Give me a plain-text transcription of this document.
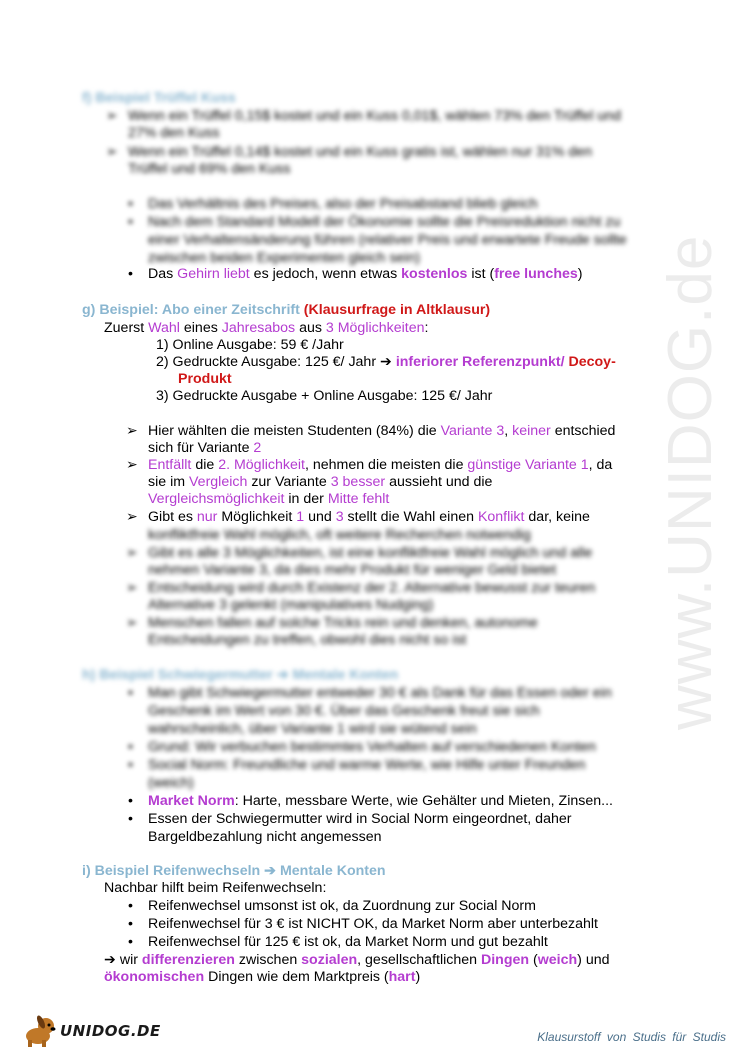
www.UNIDOG.de
f) Beispiel Trüffel Kuss
➢ Wenn ein Trüffel 0,15$ kostet und ein Kuss 0,01$, wählen 73% den Trüffel und
27% den Kuss
➢ Wenn ein Trüffel 0,14$ kostet und ein Kuss gratis ist, wählen nur 31% den
Trüffel und 69% den Kuss
• Das Verhältnis des Preises, also der Preisabstand blieb gleich
• Nach dem Standard Modell der Ökonomie sollte die Preisreduktion nicht zu
einer Verhaltensänderung führen (relativer Preis und erwartete Freude sollte
zwischen beiden Experimenten gleich sein)
• Das Gehirn liebt es jedoch, wenn etwas kostenlos ist (free lunches)
g) Beispiel: Abo einer Zeitschrift (Klausurfrage in Altklausur)
Zuerst Wahl eines Jahresabos aus 3 Möglichkeiten:
1) Online Ausgabe: 59 € /Jahr
2) Gedruckte Ausgabe: 125 €/ Jahr ➔ inferiorer Referenzpunkt/ Decoy-
Produkt
3) Gedruckte Ausgabe + Online Ausgabe: 125 €/ Jahr
➢ Hier wählten die meisten Studenten (84%) die Variante 3, keiner entschied
sich für Variante 2
➢ Entfällt die 2. Möglichkeit, nehmen die meisten die günstige Variante 1, da
sie im Vergleich zur Variante 3 besser aussieht und die
Vergleichsmöglichkeit in der Mitte fehlt
➢ Gibt es nur Möglichkeit 1 und 3 stellt die Wahl einen Konflikt dar, keine
konfliktfreie Wahl möglich, oft weitere Recherchen notwendig
➢ Gibt es alle 3 Möglichkeiten, ist eine konfliktfreie Wahl möglich und alle
nehmen Variante 3, da dies mehr Produkt für weniger Geld bietet
➢ Entscheidung wird durch Existenz der 2. Alternative bewusst zur teuren
Alternative 3 gelenkt (manipulatives Nudging)
➢ Menschen fallen auf solche Tricks rein und denken, autonome
Entscheidungen zu treffen, obwohl dies nicht so ist
h) Beispiel Schwiegermutter ➔ Mentale Konten
• Man gibt Schwiegermutter entweder 30 € als Dank für das Essen oder ein
Geschenk im Wert von 30 €. Über das Geschenk freut sie sich
wahrscheinlich, über Variante 1 wird sie wütend sein
• Grund: Wir verbuchen bestimmtes Verhalten auf verschiedenen Konten
• Social Norm: Freundliche und warme Werte, wie Hilfe unter Freunden
(weich)
• Market Norm: Harte, messbare Werte, wie Gehälter und Mieten, Zinsen...
• Essen der Schwiegermutter wird in Social Norm eingeordnet, daher
Bargeldbezahlung nicht angemessen
i) Beispiel Reifenwechseln ➔ Mentale Konten
Nachbar hilft beim Reifenwechseln:
• Reifenwechsel umsonst ist ok, da Zuordnung zur Social Norm
• Reifenwechsel für 3 € ist NICHT OK, da Market Norm aber unterbezahlt
• Reifenwechsel für 125 € ist ok, da Market Norm und gut bezahlt
➔ wir differenzieren zwischen sozialen, gesellschaftlichen Dingen (weich) und
ökonomischen Dingen wie dem Marktpreis (hart)
UNIDOG.DE	Klausurstoff von Studis für Studis
